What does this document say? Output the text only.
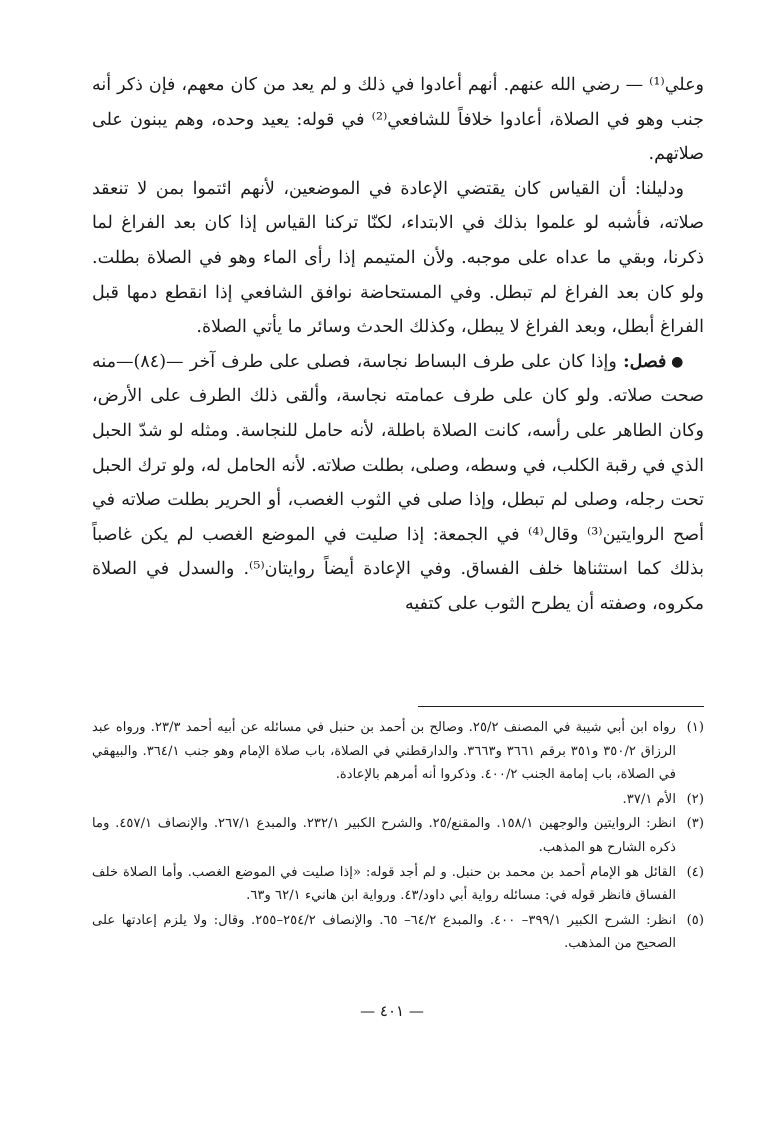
وعلي⁽¹⁾ — رضي الله عنهم. أنهم أعادوا في ذلك و لم يعد من كان معهم، فإن ذكر أنه جنب وهو في الصلاة، أعادوا خلافاً للشافعي⁽²⁾ في قوله: يعيد وحده، وهم يبنون على صلاتهم.

ودليلنا: أن القياس كان يقتضي الإعادة في الموضعين، لأنهم ائتموا بمن لا تنعقد صلاته، فأشبه لو علموا بذلك في الابتداء، لكنّا تركنا القياس إذا كان بعد الفراغ لما ذكرنا، وبقي ما عداه على موجبه. ولأن المتيمم إذا رأى الماء وهو في الصلاة بطلت. ولو كان بعد الفراغ لم تبطل. وفي المستحاضة نوافق الشافعي إذا انقطع دمها قبل الفراغ أبطل، وبعد الفراغ لا يبطل، وكذلك الحدث وسائر ما يأتي الصلاة.

●فصل: وإذا كان على طرف البساط نجاسة، فصلى على طرف آخر —(٨٤)—منه صحت صلاته. ولو كان على طرف عمامته نجاسة، وألقى ذلك الطرف على الأرض، وكان الطاهر على رأسه، كانت الصلاة باطلة، لأنه حامل للنجاسة. ومثله لو شدّ الحبل الذي في رقبة الكلب، في وسطه، وصلى، بطلت صلاته. لأنه الحامل له، ولو ترك الحبل تحت رجله، وصلى لم تبطل، وإذا صلى في الثوب الغصب، أو الحرير بطلت صلاته في أصح الروايتين⁽³⁾ وقال⁽⁴⁾ في الجمعة: إذا صليت في الموضع الغصب لم يكن غاصباً بذلك كما استثناها خلف الفساق. وفي الإعادة أيضاً روايتان⁽⁵⁾. والسدل في الصلاة مكروه، وصفته أن يطرح الثوب على كتفيه

(١)
رواه ابن أبي شيبة في المصنف ٢٥/٢. وصالح بن أحمد بن حنبل في مسائله عن أبيه أحمد ٢٣/٣. ورواه عبد الرزاق ٣٥٠/٢ و٣٥١ برقم ٣٦٦١ و٣٦٦٣. والدارقطني في الصلاة، باب صلاة الإمام وهو جنب ٣٦٤/١. والبيهقي في الصلاة، باب إمامة الجنب ٤٠٠/٢. وذكروا أنه أمرهم بالإعادة.
(٢)
الأم ٣٧/١.
(٣)
انظر: الروايتين والوجهين ١٥٨/١. والمقنع/٢٥. والشرح الكبير ٢٣٢/١. والمبدع ٢٦٧/١. والإنصاف ٤٥٧/١. وما ذكره الشارح هو المذهب.
(٤)
القائل هو الإمام أحمد بن محمد بن حنبل. و لم أجد قوله: «إذا صليت في الموضع الغصب. وأما الصلاة خلف الفساق فانظر قوله في: مسائله رواية أبي داود/٤٣. ورواية ابن هانيء ٦٢/١ و٦٣.
(٥)
انظر: الشرح الكبير ٣٩٩/١– ٤٠٠. والمبدع ٦٤/٢– ٦٥. والإنصاف ٢٥٤/٢–٢٥٥. وقال: ولا يلزم إعادتها على الصحيح من المذهب.
— ٤٠١ —
